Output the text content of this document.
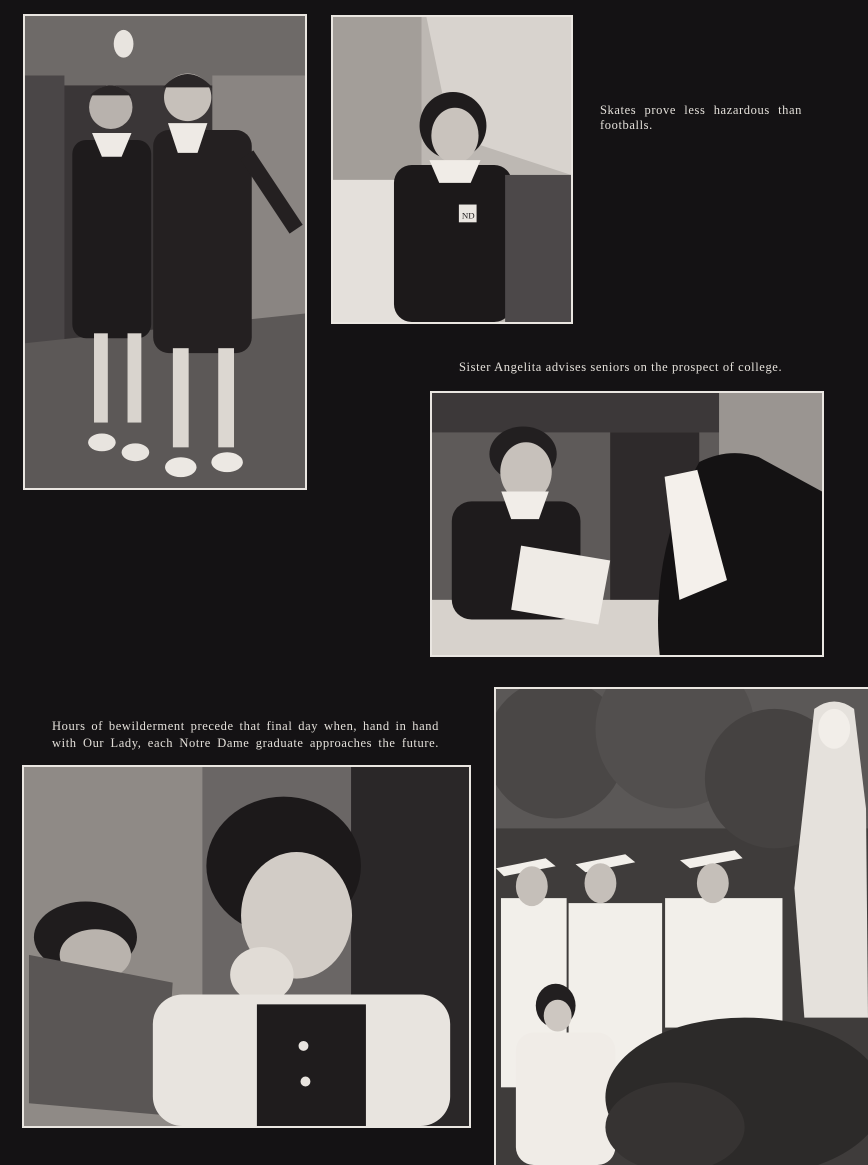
ND
Skates prove less hazardous than footballs.
Sister Angelita advises seniors on the prospect of college.
Hours of bewilderment precede that final day when, hand in hand
with Our Lady, each Notre Dame graduate approaches the future.
